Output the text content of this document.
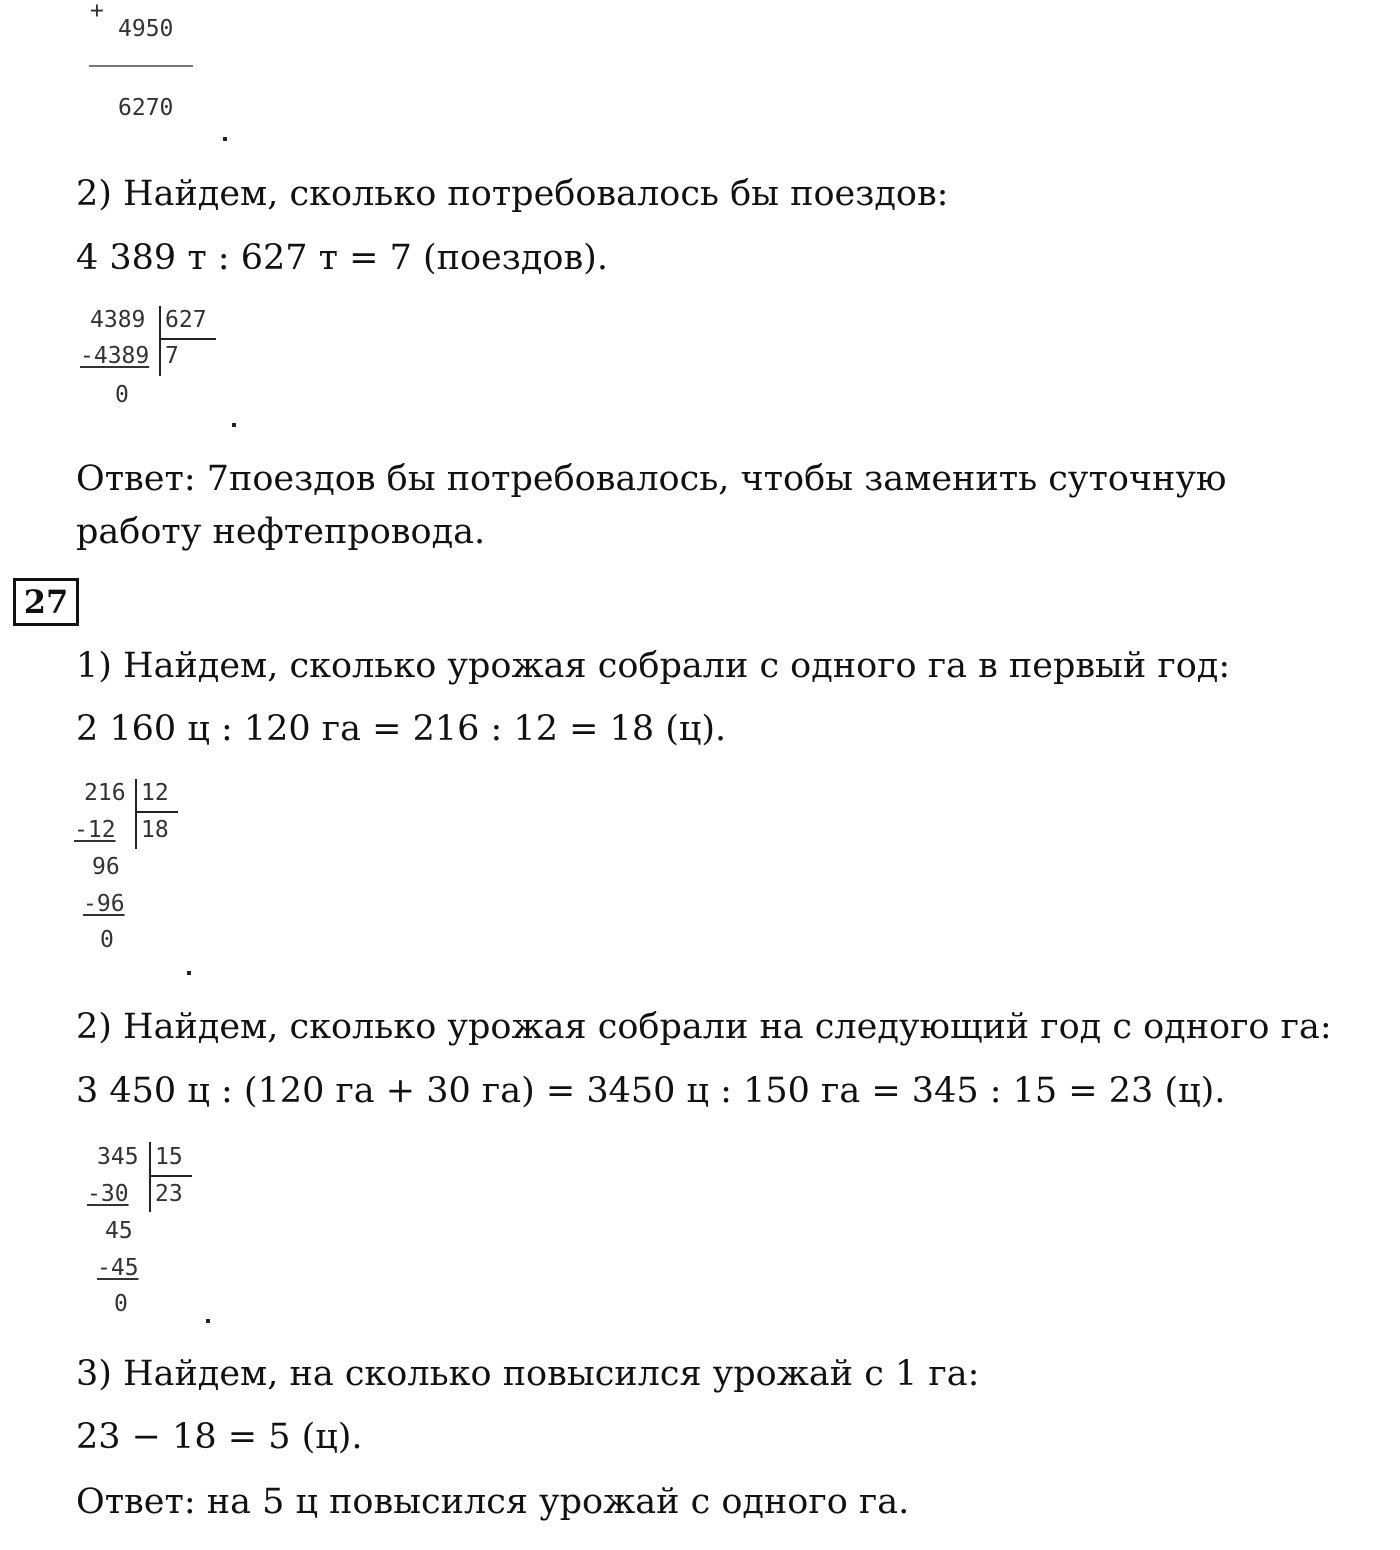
+
4950
6270

2) Найдем, сколько потребовалось бы поездов:

4 389 т : 627 т = 7 (поездов).

4389 627
-4389 7
0

Ответ: 7поездов бы потребовалось, чтобы заменить суточную

работу нефтепровода.

27

1) Найдем, сколько урожая собрали с одного га в первый год:

2 160 ц : 120 га = 216 : 12 = 18 (ц).

216 12
-12 18
96
-96
0

2) Найдем, сколько урожая собрали на следующий год с одного га:

3 450 ц : (120 га + 30 га) = 3450 ц : 150 га = 345 : 15 = 23 (ц).

345 15
-30 23
45
-45
0

3) Найдем, на сколько повысился урожай с 1 га:

23 − 18 = 5 (ц).

Ответ: на 5 ц повысился урожай с одного га.
